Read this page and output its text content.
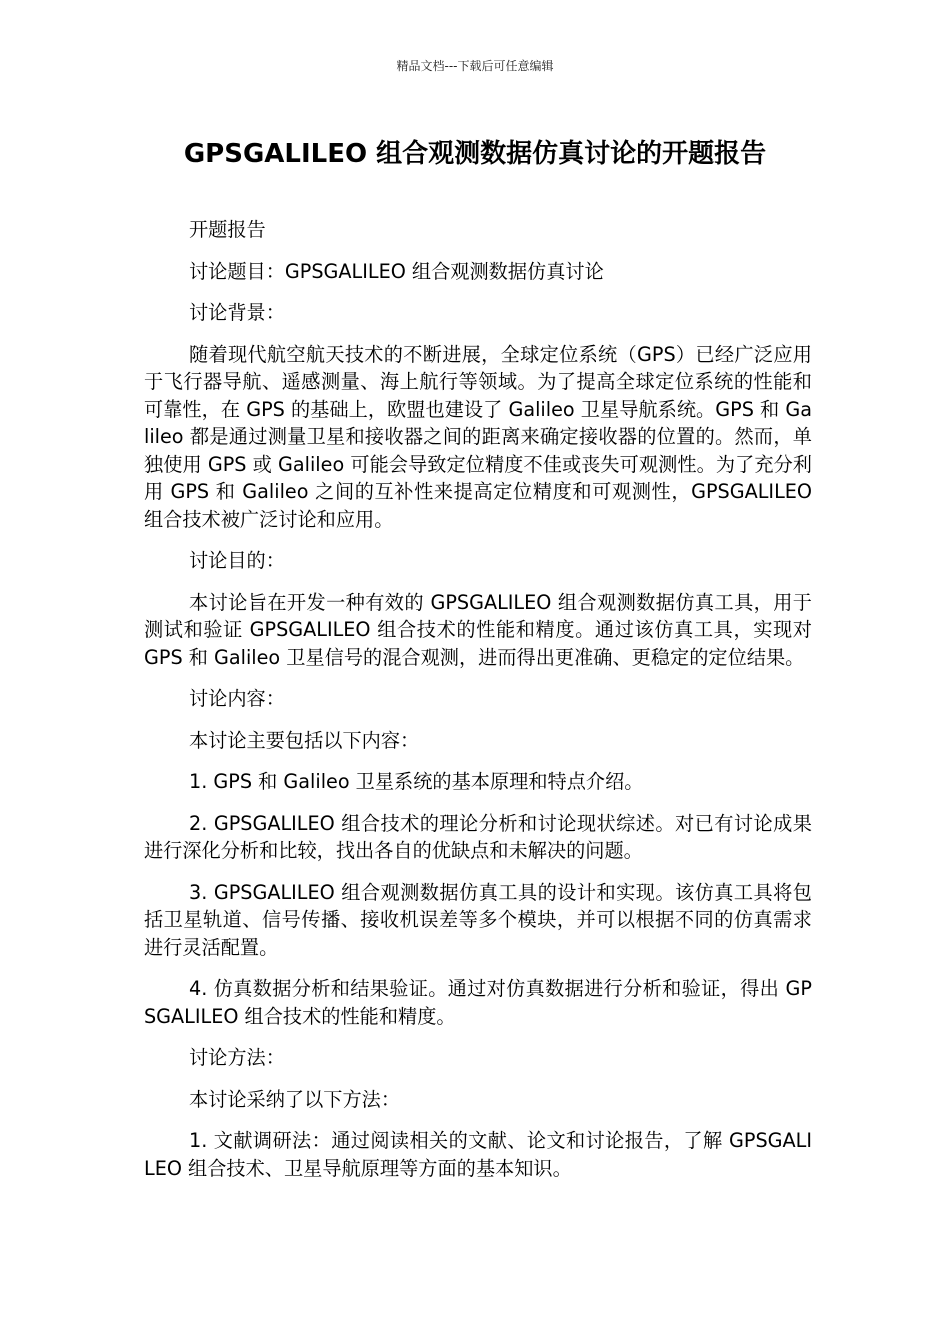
精品文档---下载后可任意编辑
GPSGALILEO 组合观测数据仿真讨论的开题报告

开题报告

讨论题目：GPSGALILEO 组合观测数据仿真讨论

讨论背景：

随着现代航空航天技术的不断进展，全球定位系统（GPS）已经广泛应用于飞行器导航、遥感测量、海上航行等领域。为了提高全球定位系统的性能和可靠性，在 GPS 的基础上，欧盟也建设了 Galileo 卫星导航系统。GPS 和 Galileo 都是通过测量卫星和接收器之间的距离来确定接收器的位置的。然而，单独使用 GPS 或 Galileo 可能会导致定位精度不佳或丧失可观测性。为了充分利用 GPS 和 Galileo 之间的互补性来提高定位精度和可观测性，GPSGALILEO 组合技术被广泛讨论和应用。

讨论目的：

本讨论旨在开发一种有效的 GPSGALILEO 组合观测数据仿真工具，用于测试和验证 GPSGALILEO 组合技术的性能和精度。通过该仿真工具，实现对 GPS 和 Galileo 卫星信号的混合观测，进而得出更准确、更稳定的定位结果。

讨论内容：

本讨论主要包括以下内容：

1. GPS 和 Galileo 卫星系统的基本原理和特点介绍。

2. GPSGALILEO 组合技术的理论分析和讨论现状综述。对已有讨论成果进行深化分析和比较，找出各自的优缺点和未解决的问题。

3. GPSGALILEO 组合观测数据仿真工具的设计和实现。该仿真工具将包括卫星轨道、信号传播、接收机误差等多个模块，并可以根据不同的仿真需求进行灵活配置。

4. 仿真数据分析和结果验证。通过对仿真数据进行分析和验证，得出 GPSGALILEO 组合技术的性能和精度。

讨论方法：

本讨论采纳了以下方法：

1. 文献调研法：通过阅读相关的文献、论文和讨论报告，了解 GPSGALILEO 组合技术、卫星导航原理等方面的基本知识。
